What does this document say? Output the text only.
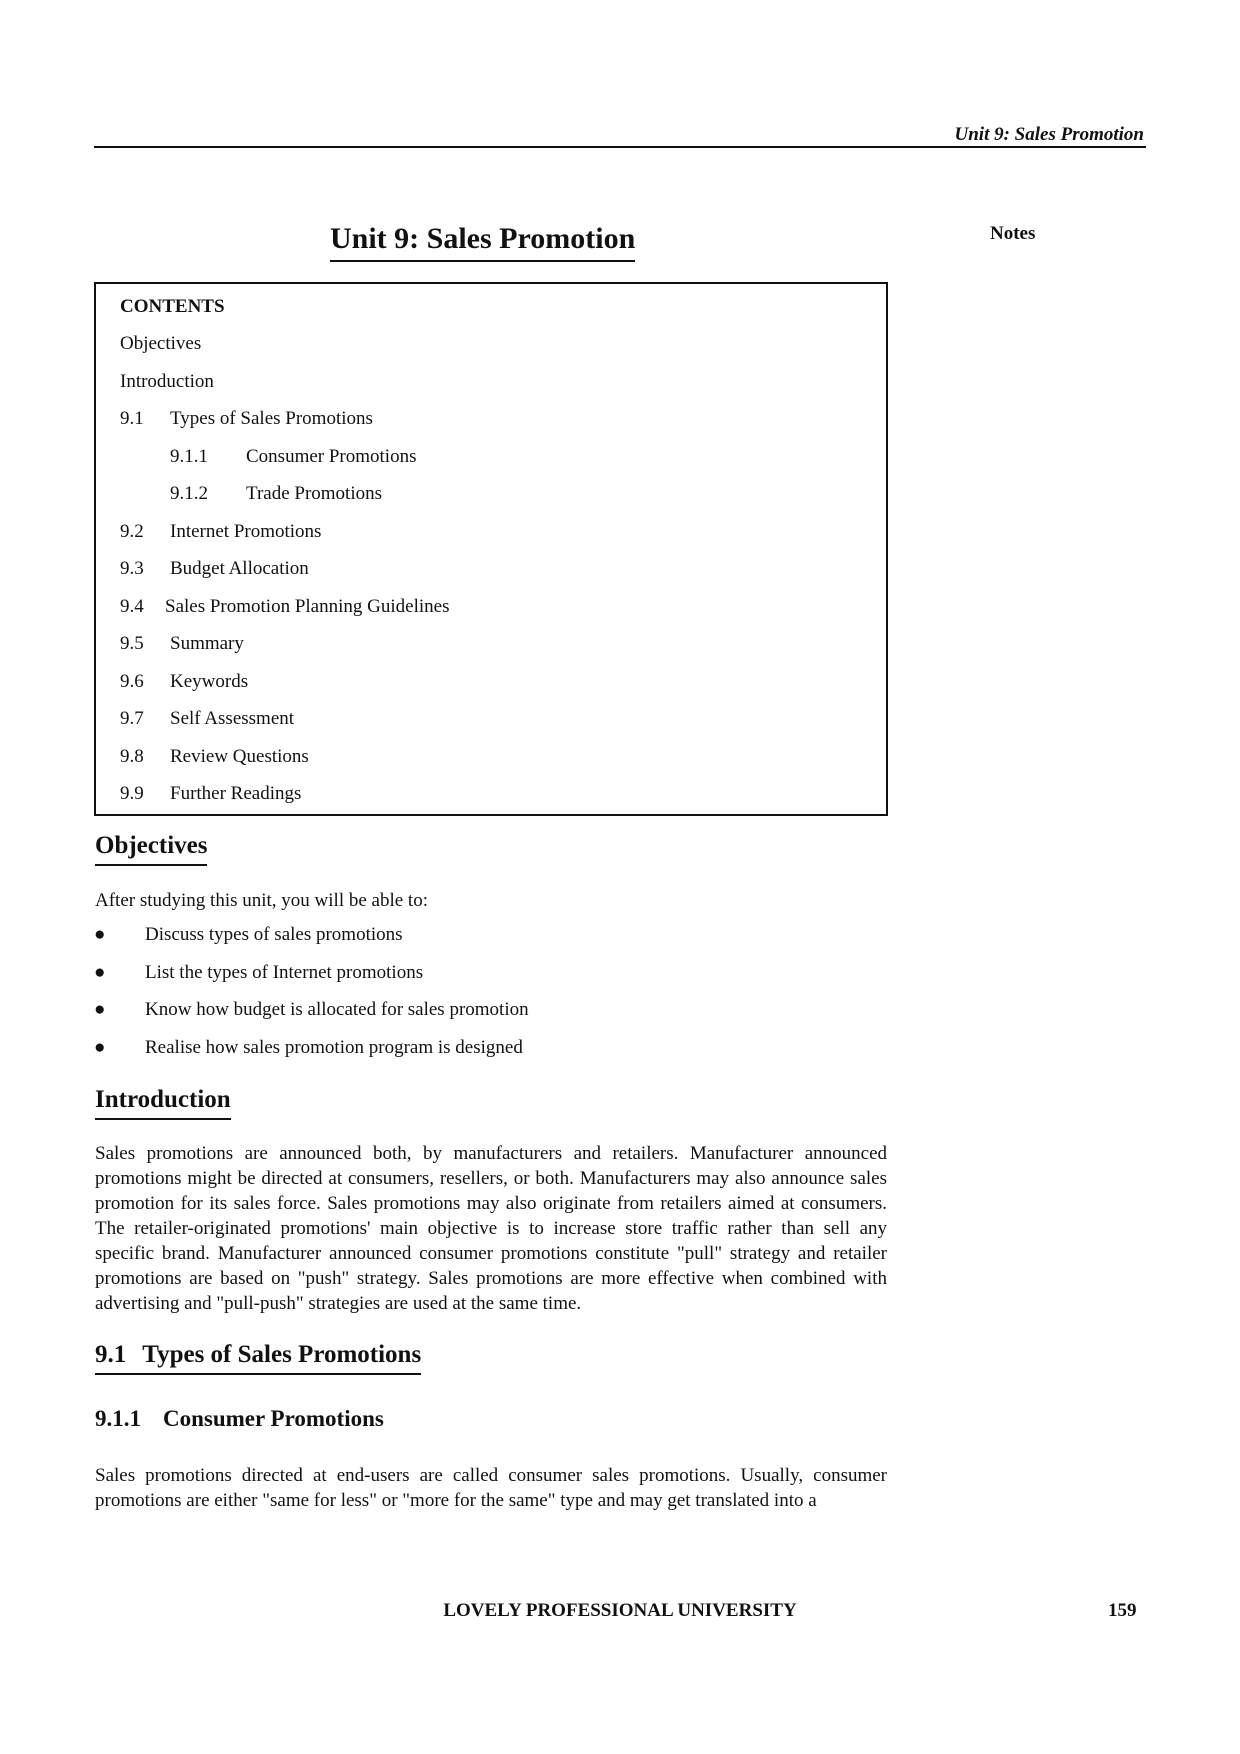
Unit 9: Sales Promotion
Unit 9: Sales Promotion	Notes
CONTENTS
Objectives
Introduction
9.1 Types of Sales Promotions
9.1.1 Consumer Promotions
9.1.2 Trade Promotions
9.2 Internet Promotions
9.3 Budget Allocation
9.4 Sales Promotion Planning Guidelines
9.5 Summary
9.6 Keywords
9.7 Self Assessment
9.8 Review Questions
9.9 Further Readings
Objectives
After studying this unit, you will be able to:
● Discuss types of sales promotions
● List the types of Internet promotions
● Know how budget is allocated for sales promotion
● Realise how sales promotion program is designed
Introduction
Sales promotions are announced both, by manufacturers and retailers. Manufacturer announced promotions might be directed at consumers, resellers, or both. Manufacturers may also announce sales promotion for its sales force. Sales promotions may also originate from retailers aimed at consumers. The retailer-originated promotions' main objective is to increase store traffic rather than sell any specific brand. Manufacturer announced consumer promotions constitute "pull" strategy and retailer promotions are based on "push" strategy. Sales promotions are more effective when combined with advertising and "pull-push" strategies are used at the same time.
9.1 Types of Sales Promotions
9.1.1 Consumer Promotions
Sales promotions directed at end-users are called consumer sales promotions. Usually, consumer promotions are either "same for less" or "more for the same" type and may get translated into a
LOVELY PROFESSIONAL UNIVERSITY	159
